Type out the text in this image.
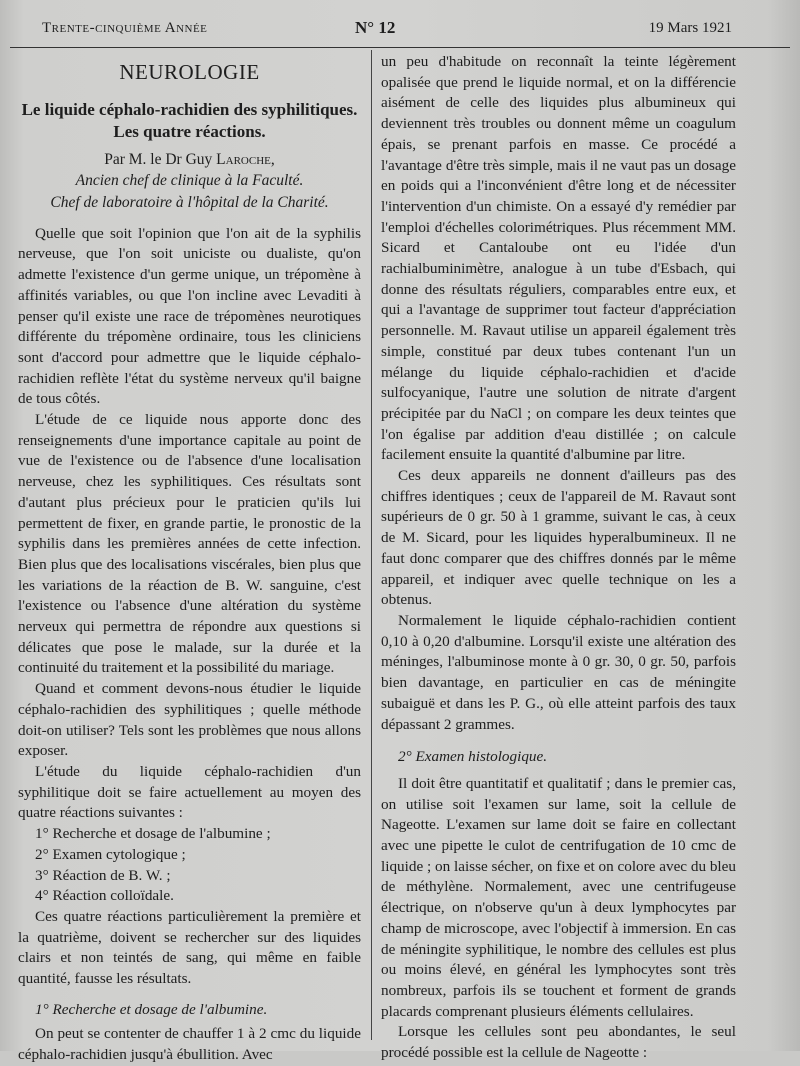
Trente-cinquième Année	N° 12	19 Mars 1921
NEUROLOGIE
Le liquide céphalo-rachidien des syphilitiques.
Les quatre réactions.
Par M. le Dr Guy Laroche,
Ancien chef de clinique à la Faculté.
Chef de laboratoire à l'hôpital de la Charité.

Quelle que soit l'opinion que l'on ait de la syphilis nerveuse, que l'on soit uniciste ou dualiste, qu'on admette l'existence d'un germe unique, un trépomène à affinités variables, ou que l'on incline avec Levaditi à penser qu'il existe une race de trépomènes neurotiques différente du trépomène ordinaire, tous les cliniciens sont d'accord pour admettre que le liquide céphalo-rachidien reflète l'état du système nerveux qu'il baigne de tous côtés.

L'étude de ce liquide nous apporte donc des renseignements d'une importance capitale au point de vue de l'existence ou de l'absence d'une localisation nerveuse, chez les syphilitiques. Ces résultats sont d'autant plus précieux pour le praticien qu'ils lui permettent de fixer, en grande partie, le pronostic de la syphilis dans les premières années de cette infection. Bien plus que des localisations viscérales, bien plus que les variations de la réaction de B. W. sanguine, c'est l'existence ou l'absence d'une altération du système nerveux qui permettra de répondre aux questions si délicates que pose le malade, sur la durée et la continuité du traitement et la possibilité du mariage.

Quand et comment devons-nous étudier le liquide céphalo-rachidien des syphilitiques ; quelle méthode doit-on utiliser? Tels sont les problèmes que nous allons exposer.

L'étude du liquide céphalo-rachidien d'un syphilitique doit se faire actuellement au moyen des quatre réactions suivantes :

1° Recherche et dosage de l'albumine ;

2° Examen cytologique ;

3° Réaction de B. W. ;

4° Réaction colloïdale.

Ces quatre réactions particulièrement la première et la quatrième, doivent se rechercher sur des liquides clairs et non teintés de sang, qui même en faible quantité, fausse les résultats.

1° Recherche et dosage de l'albumine.

On peut se contenter de chauffer 1 à 2 cmc du liquide céphalo-rachidien jusqu'à ébullition. Avec

un peu d'habitude on reconnaît la teinte légèrement opalisée que prend le liquide normal, et on la différencie aisément de celle des liquides plus albumineux qui deviennent très troubles ou donnent même un coagulum épais, se prenant parfois en masse. Ce procédé a l'avantage d'être très simple, mais il ne vaut pas un dosage en poids qui a l'inconvénient d'être long et de nécessiter l'intervention d'un chimiste. On a essayé d'y remédier par l'emploi d'échelles colorimétriques. Plus récemment MM. Sicard et Cantaloube ont eu l'idée d'un rachialbuminimètre, analogue à un tube d'Esbach, qui donne des résultats réguliers, comparables entre eux, et qui a l'avantage de supprimer tout facteur d'appréciation personnelle. M. Ravaut utilise un appareil également très simple, constitué par deux tubes contenant l'un un mélange du liquide céphalo-rachidien et d'acide sulfocyanique, l'autre une solution de nitrate d'argent précipitée par du NaCl ; on compare les deux teintes que l'on égalise par addition d'eau distillée ; on calcule facilement ensuite la quantité d'albumine par litre.

Ces deux appareils ne donnent d'ailleurs pas des chiffres identiques ; ceux de l'appareil de M. Ravaut sont supérieurs de 0 gr. 50 à 1 gramme, suivant le cas, à ceux de M. Sicard, pour les liquides hyperalbumineux. Il ne faut donc comparer que des chiffres donnés par le même appareil, et indiquer avec quelle technique on les a obtenus.

Normalement le liquide céphalo-rachidien contient 0,10 à 0,20 d'albumine. Lorsqu'il existe une altération des méninges, l'albuminose monte à 0 gr. 30, 0 gr. 50, parfois bien davantage, en particulier en cas de méningite subaiguë et dans les P. G., où elle atteint parfois des taux dépassant 2 grammes.

2° Examen histologique.

Il doit être quantitatif et qualitatif ; dans le premier cas, on utilise soit l'examen sur lame, soit la cellule de Nageotte. L'examen sur lame doit se faire en collectant avec une pipette le culot de centrifugation de 10 cmc de liquide ; on laisse sécher, on fixe et on colore avec du bleu de méthylène. Normalement, avec une centrifugeuse électrique, on n'observe qu'un à deux lymphocytes par champ de microscope, avec l'objectif à immersion. En cas de méningite syphilitique, le nombre des cellules est plus ou moins élevé, en général les lymphocytes sont très nombreux, parfois ils se touchent et forment de grands placards comprenant plusieurs éléments cellulaires.

Lorsque les cellules sont peu abondantes, le seul procédé possible est la cellule de Nageotte :
